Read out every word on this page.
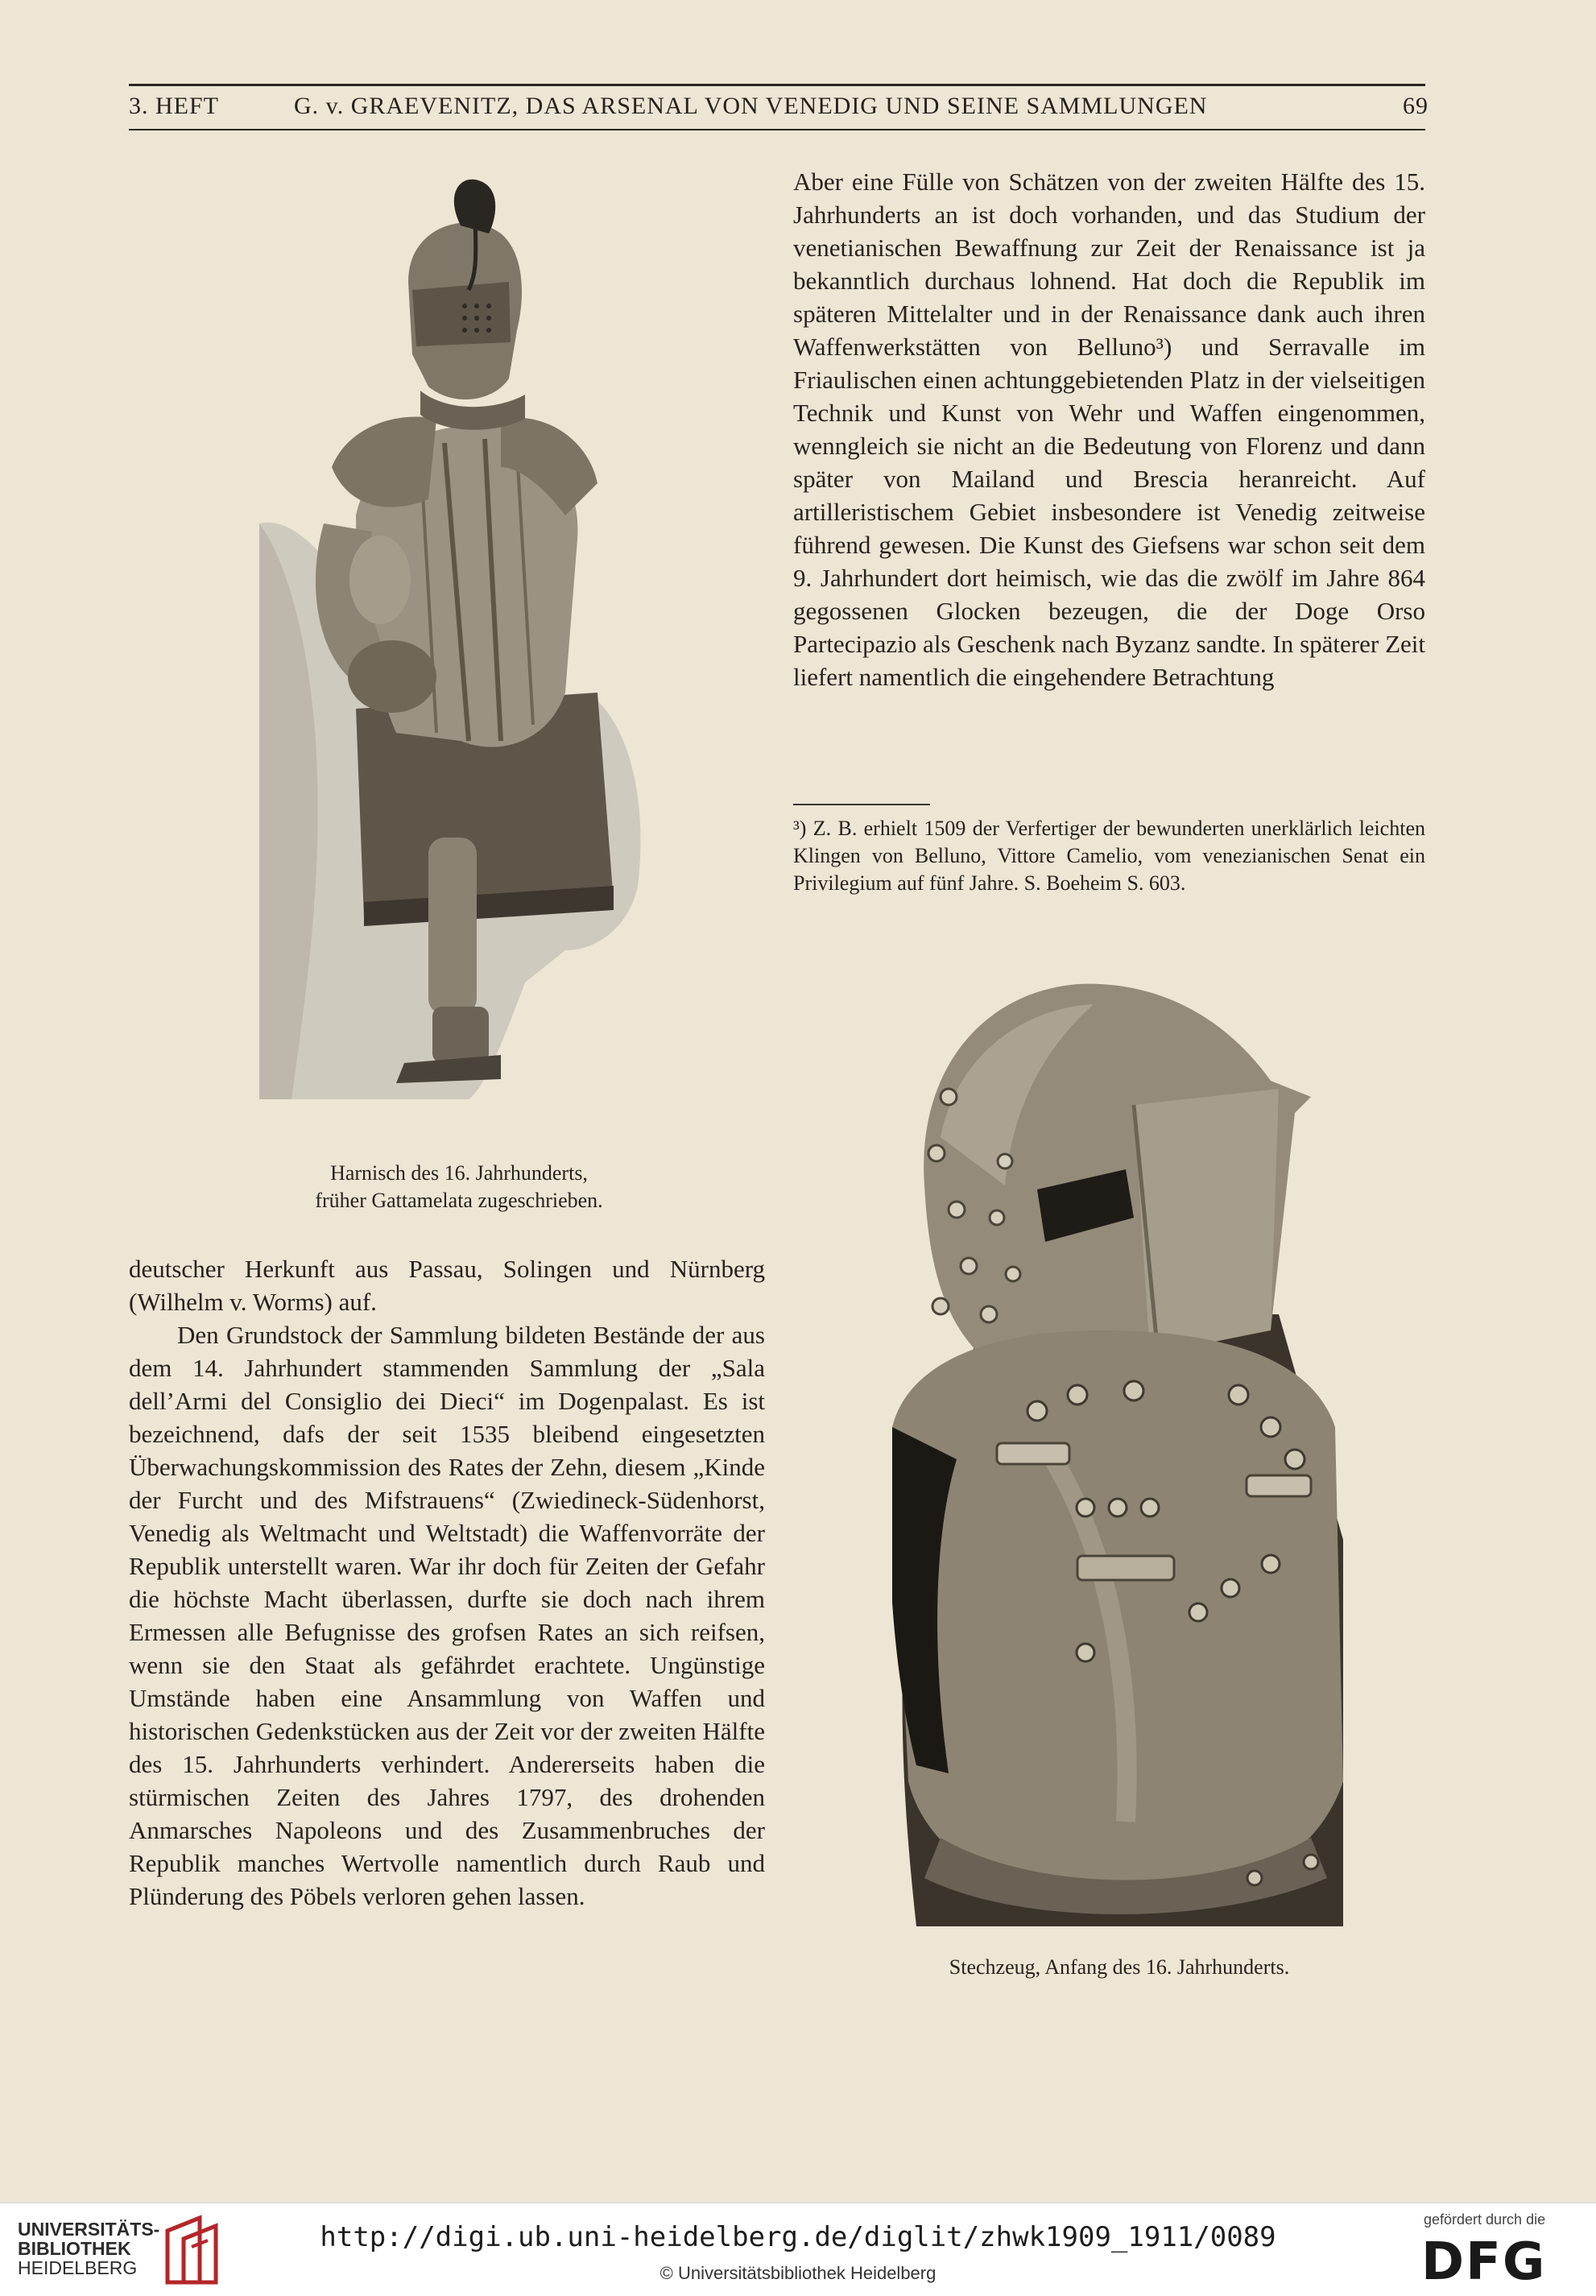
3. HEFT	G. v. GRAEVENITZ, DAS ARSENAL VON VENEDIG UND SEINE SAMMLUNGEN	69
Harnisch des 16. Jahrhunderts,
früher Gattamelata zugeschrieben.

Aber eine Fülle von Schätzen von der zweiten Hälfte des 15. Jahrhunderts an ist doch vorhanden, und das Studium der venetianischen Bewaffnung zur Zeit der Renaissance ist ja bekanntlich durchaus lohnend. Hat doch die Republik im späteren Mittelalter und in der Renaissance dank auch ihren Waffenwerkstätten von Belluno³) und Serravalle im Friaulischen einen achtunggebietenden Platz in der vielseitigen Technik und Kunst von Wehr und Waffen eingenommen, wenngleich sie nicht an die Bedeutung von Florenz und dann später von Mailand und Brescia heranreicht. Auf artilleristischem Gebiet insbesondere ist Venedig zeitweise führend gewesen. Die Kunst des Giefsens war schon seit dem 9. Jahrhundert dort heimisch, wie das die zwölf im Jahre 864 gegossenen Glocken bezeugen, die der Doge Orso Partecipazio als Geschenk nach Byzanz sandte. In späterer Zeit liefert namentlich die eingehendere Betrachtung

³) Z. B. erhielt 1509 der Verfertiger der bewunderten unerklärlich leichten Klingen von Belluno, Vittore Camelio, vom venezianischen Senat ein Privilegium auf fünf Jahre. S. Boeheim S. 603.
Stechzeug, Anfang des 16. Jahrhunderts.

deutscher Herkunft aus Passau, Solingen und Nürnberg (Wilhelm v. Worms) auf.

Den Grundstock der Sammlung bildeten Bestände der aus dem 14. Jahrhundert stammenden Sammlung der „Sala dell’Armi del Consiglio dei Dieci“ im Dogenpalast. Es ist bezeichnend, dafs der seit 1535 bleibend eingesetzten Überwachungskommission des Rates der Zehn, diesem „Kinde der Furcht und des Mifstrauens“ (Zwiedineck-Südenhorst, Venedig als Weltmacht und Weltstadt) die Waffenvorräte der Republik unterstellt waren. War ihr doch für Zeiten der Gefahr die höchste Macht überlassen, durfte sie doch nach ihrem Ermessen alle Befugnisse des grofsen Rates an sich reifsen, wenn sie den Staat als gefährdet erachtete. Ungünstige Umstände haben eine Ansammlung von Waffen und historischen Gedenkstücken aus der Zeit vor der zweiten Hälfte des 15. Jahrhunderts verhindert. Andererseits haben die stürmischen Zeiten des Jahres 1797, des drohenden Anmarsches Napoleons und des Zusammenbruches der Republik manches Wertvolle namentlich durch Raub und Plünderung des Pöbels verloren gehen lassen.

UNIVERSITÄTS-
BIBLIOTHEK
HEIDELBERG
http://digi.ub.uni-heidelberg.de/diglit/zhwk1909_1911/0089
© Universitätsbibliothek Heidelberg
gefördert durch die
DFG
